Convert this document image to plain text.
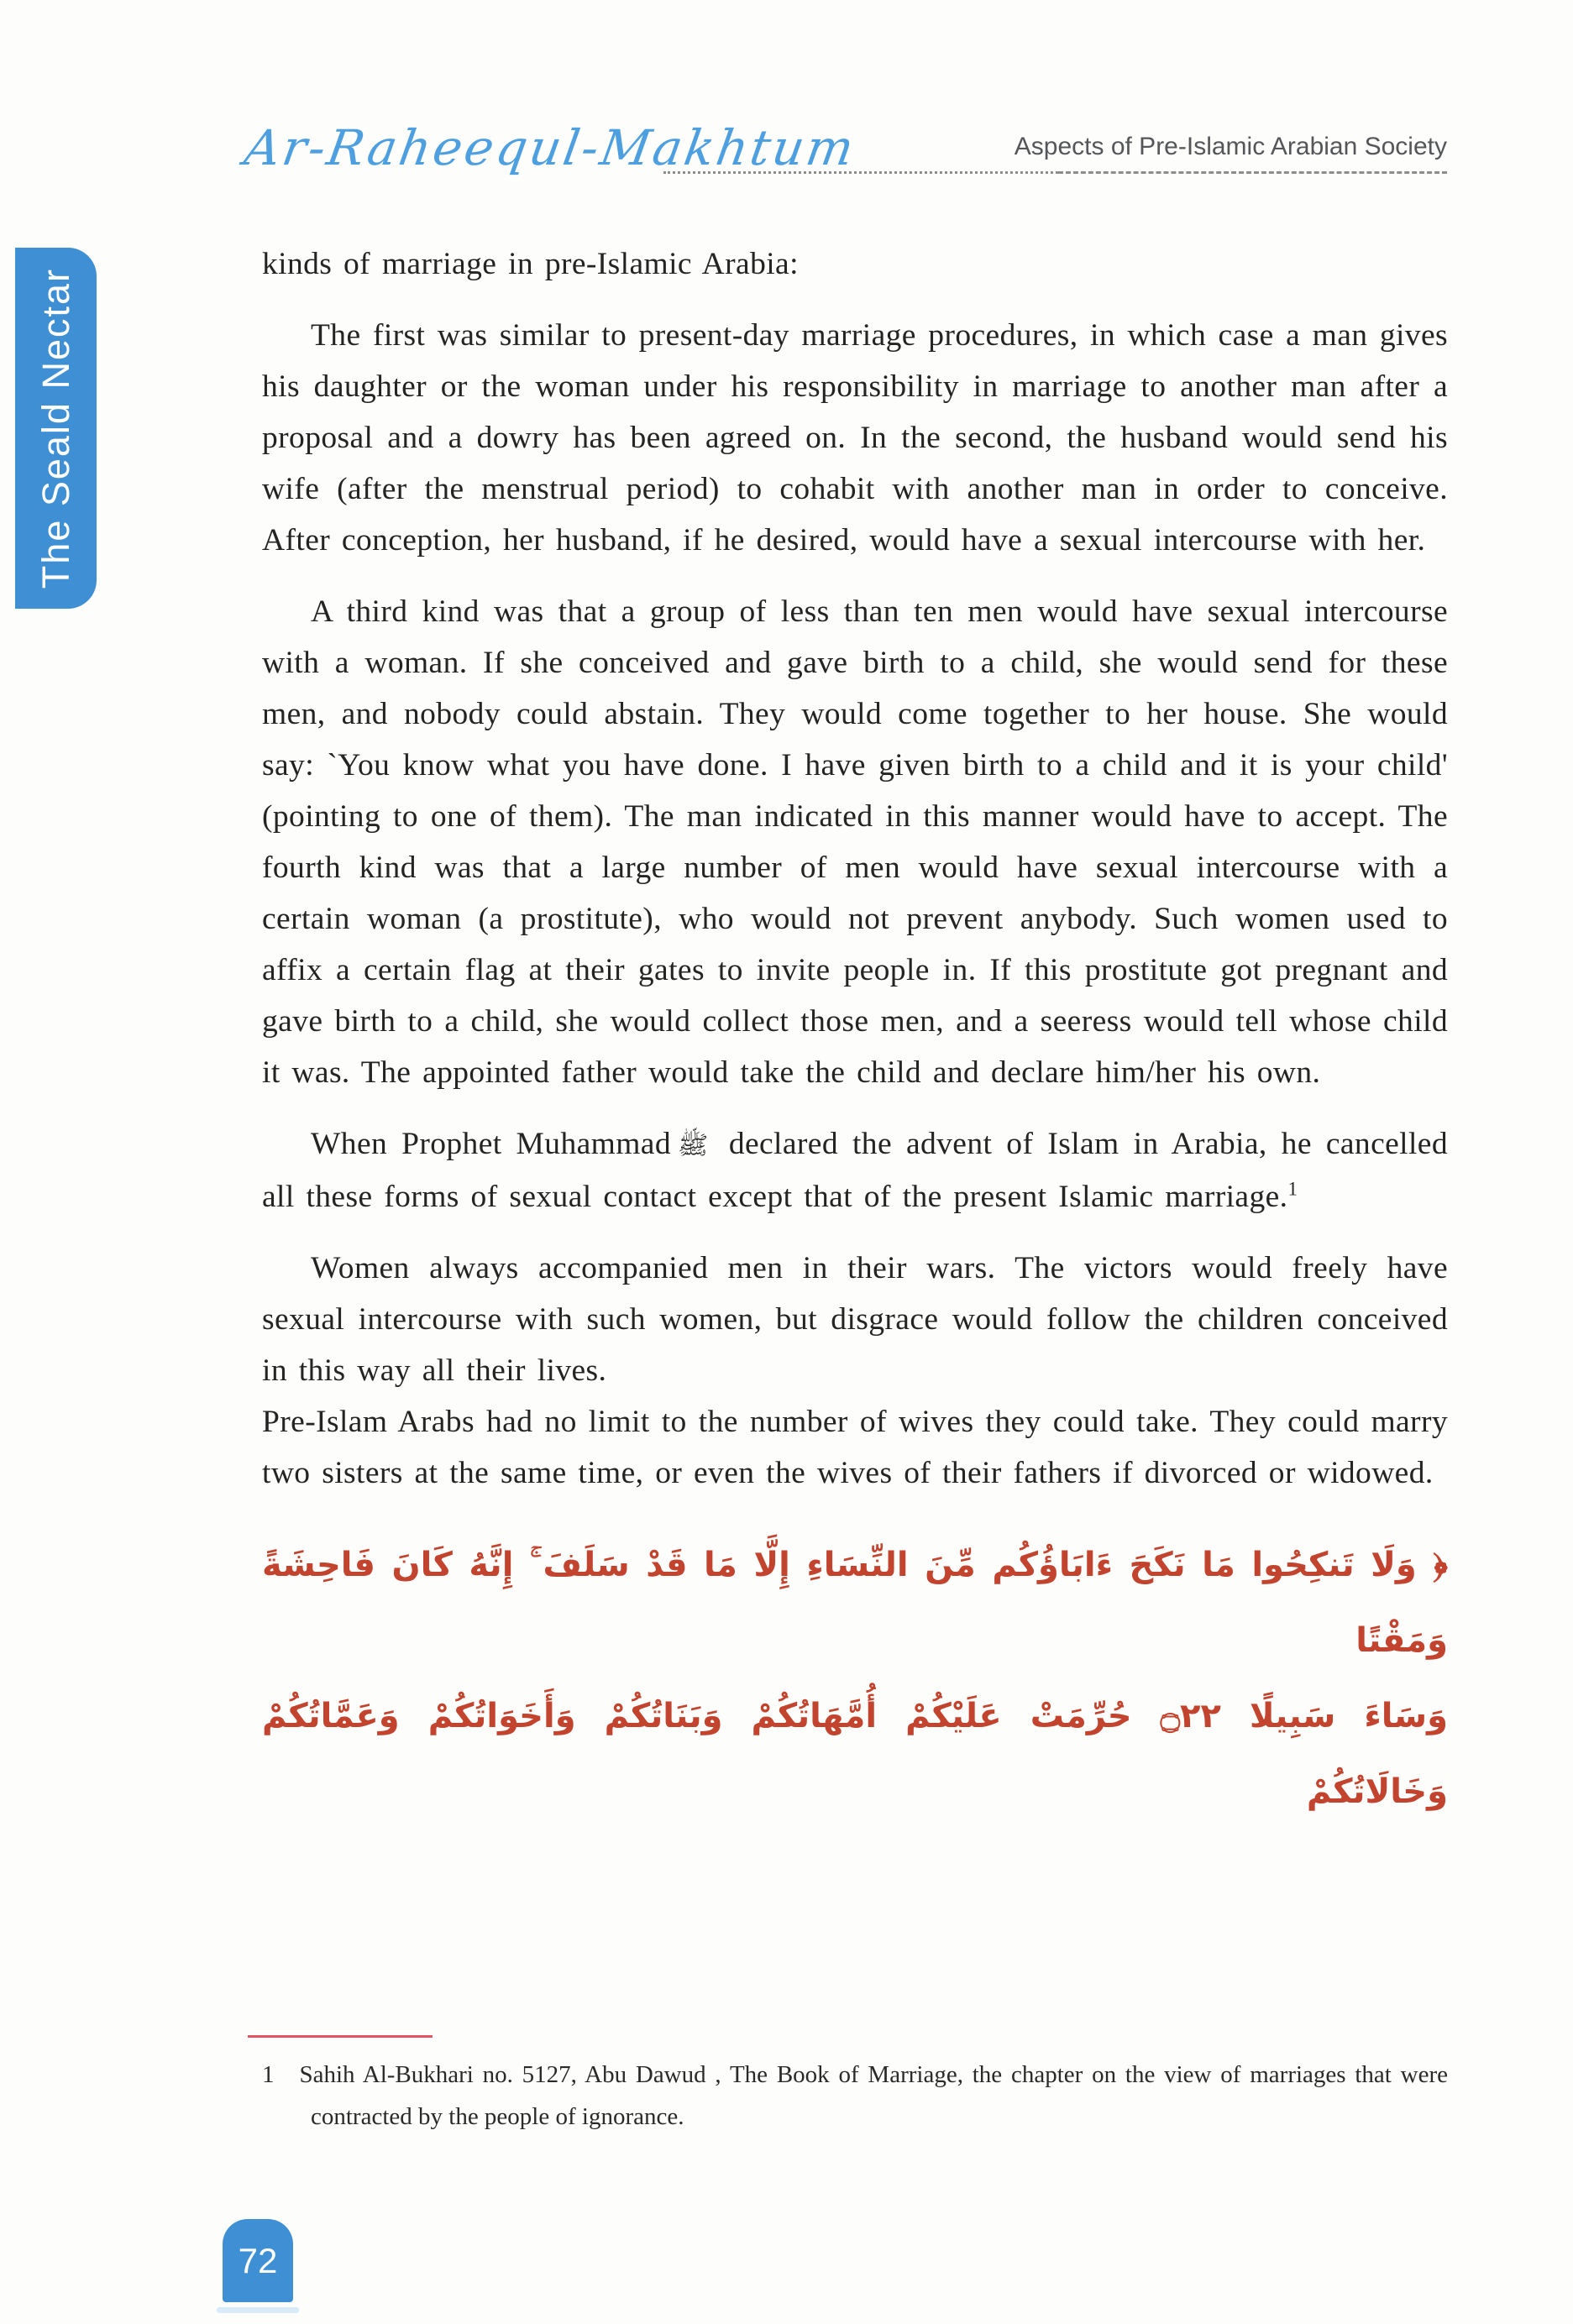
Ar-Raheequl-Makhtum	Aspects of Pre-Islamic Arabian Society
The Seald Nectar

kinds of marriage in pre-Islamic Arabia:

The first was similar to present-day marriage procedures, in which case a man gives his daughter or the woman under his responsibility in marriage to another man after a proposal and a dowry has been agreed on. In the second, the husband would send his wife (after the menstrual period) to cohabit with another man in order to conceive. After conception, her husband, if he desired, would have a sexual intercourse with her.

A third kind was that a group of less than ten men would have sexual intercourse with a woman. If she conceived and gave birth to a child, she would send for these men, and nobody could abstain. They would come together to her house. She would say: `You know what you have done. I have given birth to a child and it is your child' (pointing to one of them). The man indicated in this manner would have to accept. The fourth kind was that a large number of men would have sexual intercourse with a certain woman (a prostitute), who would not prevent anybody. Such women used to affix a certain flag at their gates to invite people in. If this prostitute got pregnant and gave birth to a child, she would collect those men, and a seeress would tell whose child it was. The appointed father would take the child and declare him/her his own.

When Prophet Muhammad ﷺ declared the advent of Islam in Arabia, he cancelled all these forms of sexual contact except that of the present Islamic marriage.$^1$

Women always accompanied men in their wars. The victors would freely have sexual intercourse with such women, but disgrace would follow the children conceived in this way all their lives.

Pre-Islam Arabs had no limit to the number of wives they could take. They could marry two sisters at the same time, or even the wives of their fathers if divorced or widowed.

﴿ وَلَا تَنكِحُوا مَا نَكَحَ ءَابَاؤُكُم مِّنَ النِّسَاءِ إِلَّا مَا قَدْ سَلَفَ ۚ إِنَّهُ كَانَ فَاحِشَةً وَمَقْتًا
وَسَاءَ سَبِيلًا ۝٢٢ حُرِّمَتْ عَلَيْكُمْ أُمَّهَاتُكُمْ وَبَنَاتُكُمْ وَأَخَوَاتُكُمْ وَعَمَّاتُكُمْ وَخَالَاتُكُمْ
1 Sahih Al-Bukhari no. 5127, Abu Dawud , The Book of Marriage, the chapter on the view of marriages that were contracted by the people of ignorance.
72
